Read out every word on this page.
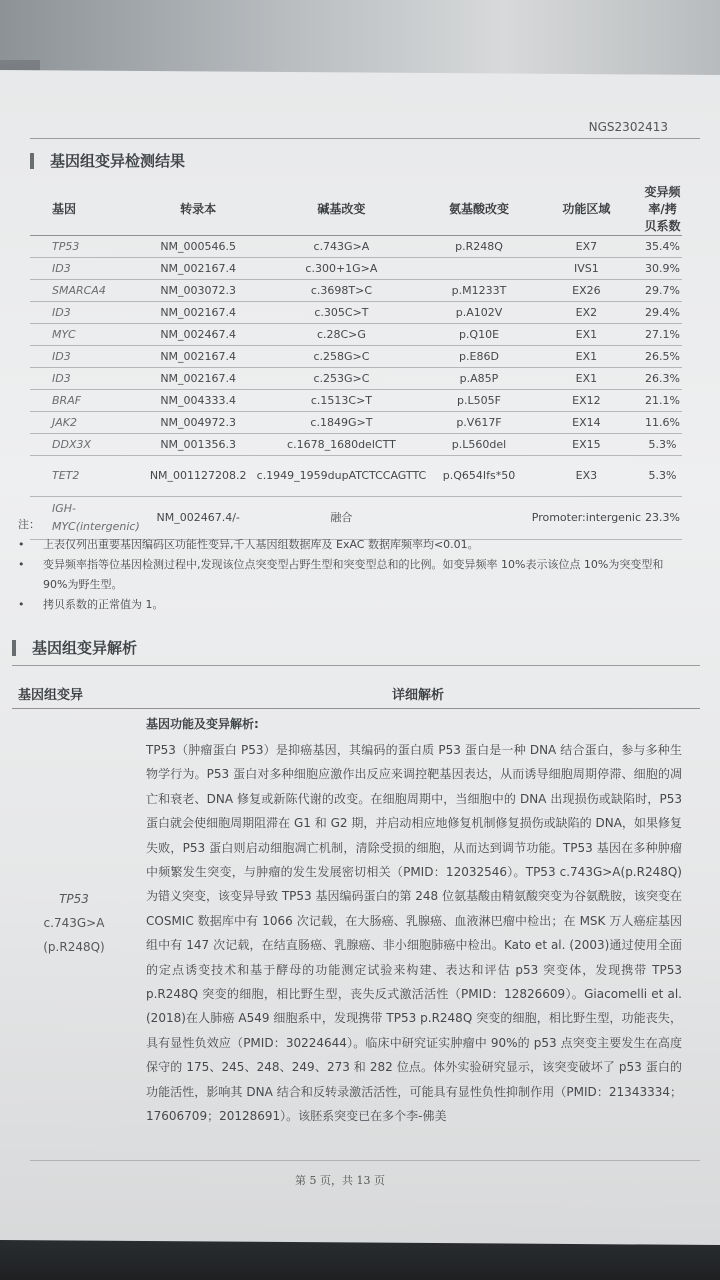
NGS2302413
基因组变异检测结果
基因	转录本	碱基改变	氨基酸改变	功能区域	变异频率/拷贝系数
TP53	NM_000546.5	c.743G>A	p.R248Q	EX7	35.4%
ID3	NM_002167.4	c.300+1G>A		IVS1	30.9%
SMARCA4	NM_003072.3	c.3698T>C	p.M1233T	EX26	29.7%
ID3	NM_002167.4	c.305C>T	p.A102V	EX2	29.4%
MYC	NM_002467.4	c.28C>G	p.Q10E	EX1	27.1%
ID3	NM_002167.4	c.258G>C	p.E86D	EX1	26.5%
ID3	NM_002167.4	c.253G>C	p.A85P	EX1	26.3%
BRAF	NM_004333.4	c.1513C>T	p.L505F	EX12	21.1%
JAK2	NM_004972.3	c.1849G>T	p.V617F	EX14	11.6%
DDX3X	NM_001356.3	c.1678_1680delCTT	p.L560del	EX15	5.3%
TET2	NM_001127208.2	c.1949_1959dupATCTCCAGTTC	p.Q654Ifs*50	EX3	5.3%
IGH-MYC(intergenic)	NM_002467.4/-	融合		Promoter:intergenic	23.3%
注：
•	上表仅列出重要基因编码区功能性变异,千人基因组数据库及 ExAC 数据库频率均<0.01。
•	变异频率指等位基因检测过程中,发现该位点突变型占野生型和突变型总和的比例。如变异频率 10%表示该位点 10%为突变型和 90%为野生型。
•	拷贝系数的正常值为 1。
基因组变异解析
基因组变异	详细解析
TP53
c.743G>A
(p.R248Q)
基因功能及变异解析:
TP53（肿瘤蛋白 P53）是抑癌基因，其编码的蛋白质 P53 蛋白是一种 DNA 结合蛋白，参与多种生物学行为。P53 蛋白对多种细胞应激作出反应来调控靶基因表达，从而诱导细胞周期停滞、细胞的凋亡和衰老、DNA 修复或新陈代谢的改变。在细胞周期中，当细胞中的 DNA 出现损伤或缺陷时，P53 蛋白就会使细胞周期阻滞在 G1 和 G2 期，并启动相应地修复机制修复损伤或缺陷的 DNA，如果修复失败，P53 蛋白则启动细胞凋亡机制，清除受损的细胞，从而达到调节功能。TP53 基因在多种肿瘤中频繁发生突变，与肿瘤的发生发展密切相关（PMID：12032546）。TP53 c.743G>A(p.R248Q)为错义突变，该变异导致 TP53 基因编码蛋白的第 248 位氨基酸由精氨酸突变为谷氨酰胺，该突变在 COSMIC 数据库中有 1066 次记载，在大肠癌、乳腺癌、血液淋巴瘤中检出；在 MSK 万人癌症基因组中有 147 次记载，在结直肠癌、乳腺癌、非小细胞肺癌中检出。Kato et al. (2003)通过使用全面的定点诱变技术和基于酵母的功能测定试验来构建、表达和评估 p53 突变体，发现携带 TP53 p.R248Q 突变的细胞，相比野生型，丧失反式激活活性（PMID：12826609）。Giacomelli et al. (2018)在人肺癌 A549 细胞系中，发现携带 TP53 p.R248Q 突变的细胞，相比野生型，功能丧失，具有显性负效应（PMID：30224644）。临床中研究证实肿瘤中 90%的 p53 点突变主要发生在高度保守的 175、245、248、249、273 和 282 位点。体外实验研究显示，该突变破坏了 p53 蛋白的功能活性，影响其 DNA 结合和反转录激活活性，可能具有显性负性抑制作用（PMID：21343334；17606709；20128691）。该胚系突变已在多个李-佛美
第 5 页，共 13 页
